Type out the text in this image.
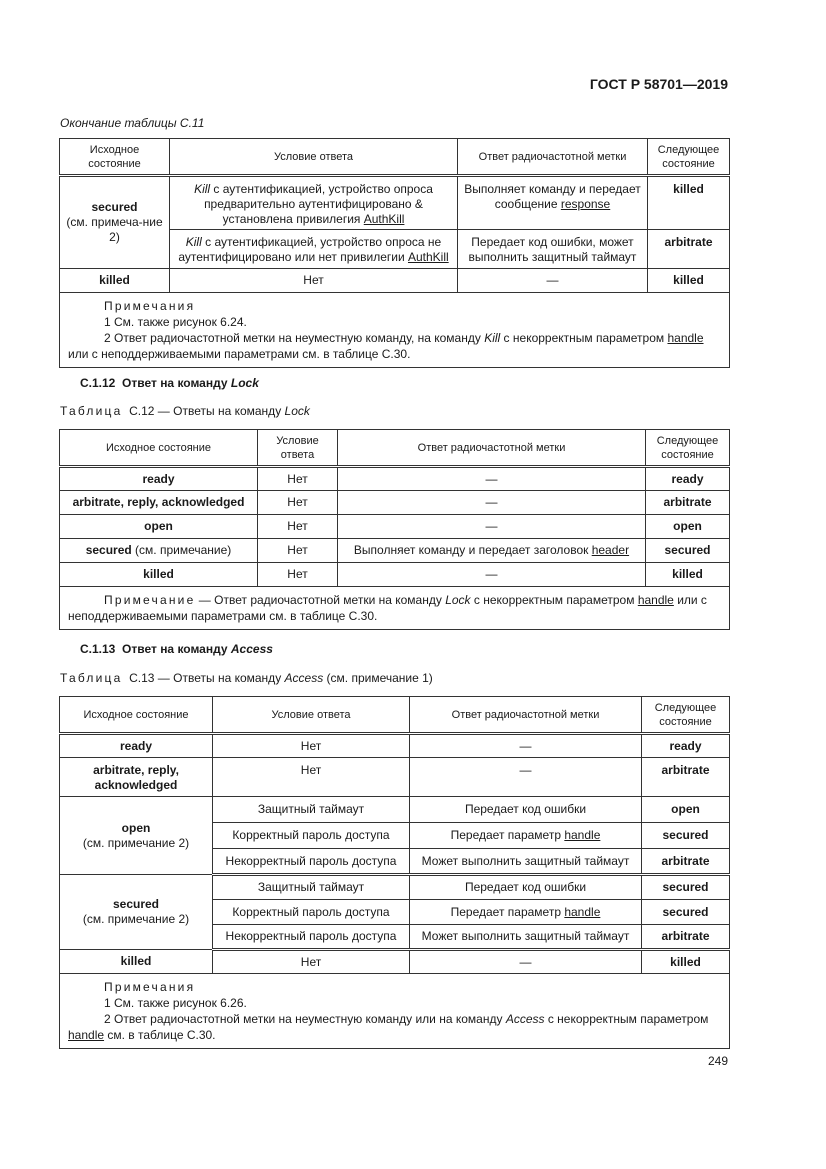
ГОСТ Р 58701—2019
Окончание таблицы С.11
Исходное состояние	Условие ответа	Ответ радиочастотной метки	Следующее состояние

secured
(см. примеча-ние 2)	Kill с аутентификацией, устройство опроса предварительно аутентифицировано & установлена привилегия AuthKill	Выполняет команду и передает сообщение response	killed
	Kill с аутентификацией, устройство опроса не аутентифицировано или нет привилегии AuthKill	Передает код ошибки, может выполнить защитный таймаут	arbitrate
killed	Нет	—	killed

Примечания
1 См. также рисунок 6.24.
2 Ответ радиочастотной метки на неуместную команду, на команду Kill с некорректным параметром handle
или с неподдерживаемыми параметрами см. в таблице С.30.			
С.1.12 Ответ на команду Lock
Таблица С.12 — Ответы на команду Lock
Исходное состояние	Условие ответа	Ответ радиочастотной метки	Следующее состояние
ready	Нет	—	ready
arbitrate, reply, acknowledged	Нет	—	arbitrate
open	Нет	—	open
secured (см. примечание)	Нет	Выполняет команду и передает заголовок header	secured
killed	Нет	—	killed
Примечание — Ответ радиочастотной метки на команду Lock с некорректным параметром handle или с неподдерживаемыми параметрами см. в таблице С.30.			
С.1.13 Ответ на команду Access
Таблица С.13 — Ответы на команду Access (см. примечание 1)
Исходное состояние	Условие ответа	Ответ радиочастотной метки	Следующее состояние
ready	Нет	—	ready
arbitrate, reply, acknowledged	Нет	—	arbitrate

open
(см. примечание 2)	Защитный таймаут	Передает код ошибки	open
	Корректный пароль доступа	Передает параметр handle	secured
	Некорректный пароль доступа	Может выполнить защитный таймаут	arbitrate

secured
(см. примечание 2)	Защитный таймаут	Передает код ошибки	secured
	Корректный пароль доступа	Передает параметр handle	secured
	Некорректный пароль доступа	Может выполнить защитный таймаут	arbitrate
killed	Нет	—	killed

Примечания
1 См. также рисунок 6.26.
2 Ответ радиочастотной метки на неуместную команду или на команду Access с некорректным параметром handle см. в таблице С.30.			
249
